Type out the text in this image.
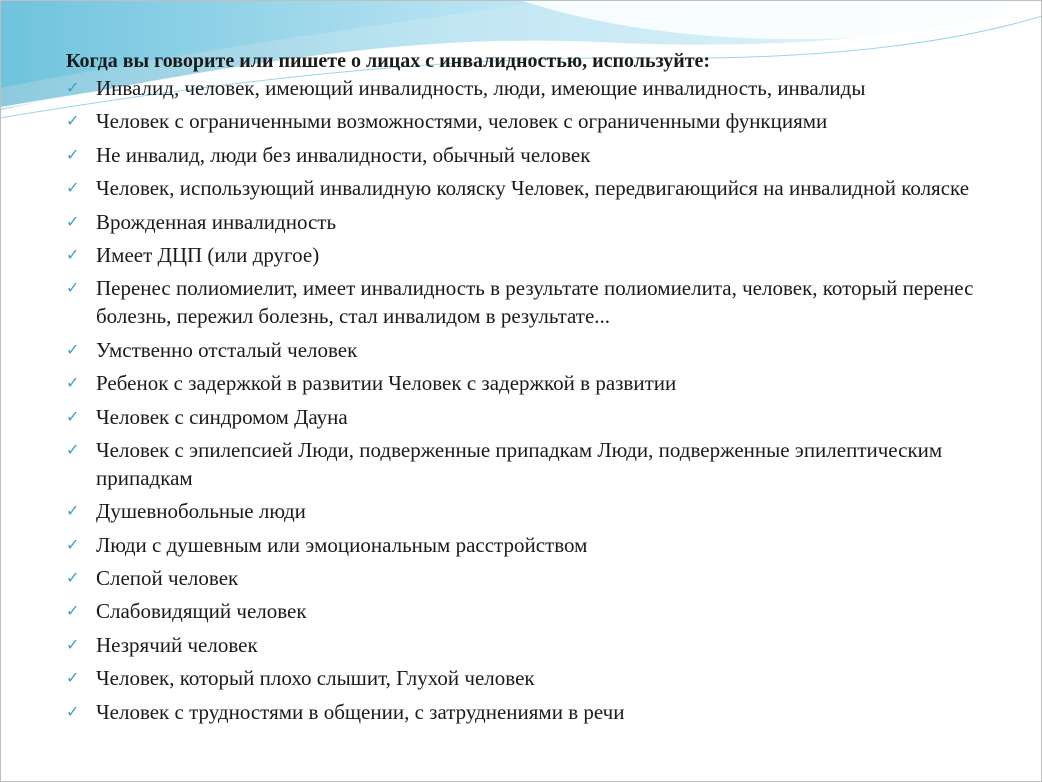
Когда вы говорите или пишете о лицах с инвалидностью, используйте:
✓ Инвалид, человек, имеющий инвалидность, люди, имеющие инвалидность, инвалиды
✓ Человек с ограниченными возможностями, человек с ограниченными функциями
✓ Не инвалид, люди без инвалидности, обычный человек
✓ Человек, использующий инвалидную коляску Человек, передвигающийся на инвалидной коляске
✓ Врожденная инвалидность
✓ Имеет ДЦП (или другое)
✓ Перенес полиомиелит, имеет инвалидность в результате полиомиелита, человек, который перенес болезнь, пережил болезнь, стал инвалидом в результате...
✓ Умственно отсталый человек
✓ Ребенок с задержкой в развитии Человек с задержкой в развитии
✓ Человек с синдромом Дауна
✓ Человек с эпилепсией Люди, подверженные припадкам Люди, подверженные эпилептическим припадкам
✓ Душевнобольные люди
✓ Люди с душевным или эмоциональным расстройством
✓ Слепой человек
✓ Слабовидящий человек
✓ Незрячий человек
✓ Человек, который плохо слышит, Глухой человек
✓ Человек с трудностями в общении, с затруднениями в речи
